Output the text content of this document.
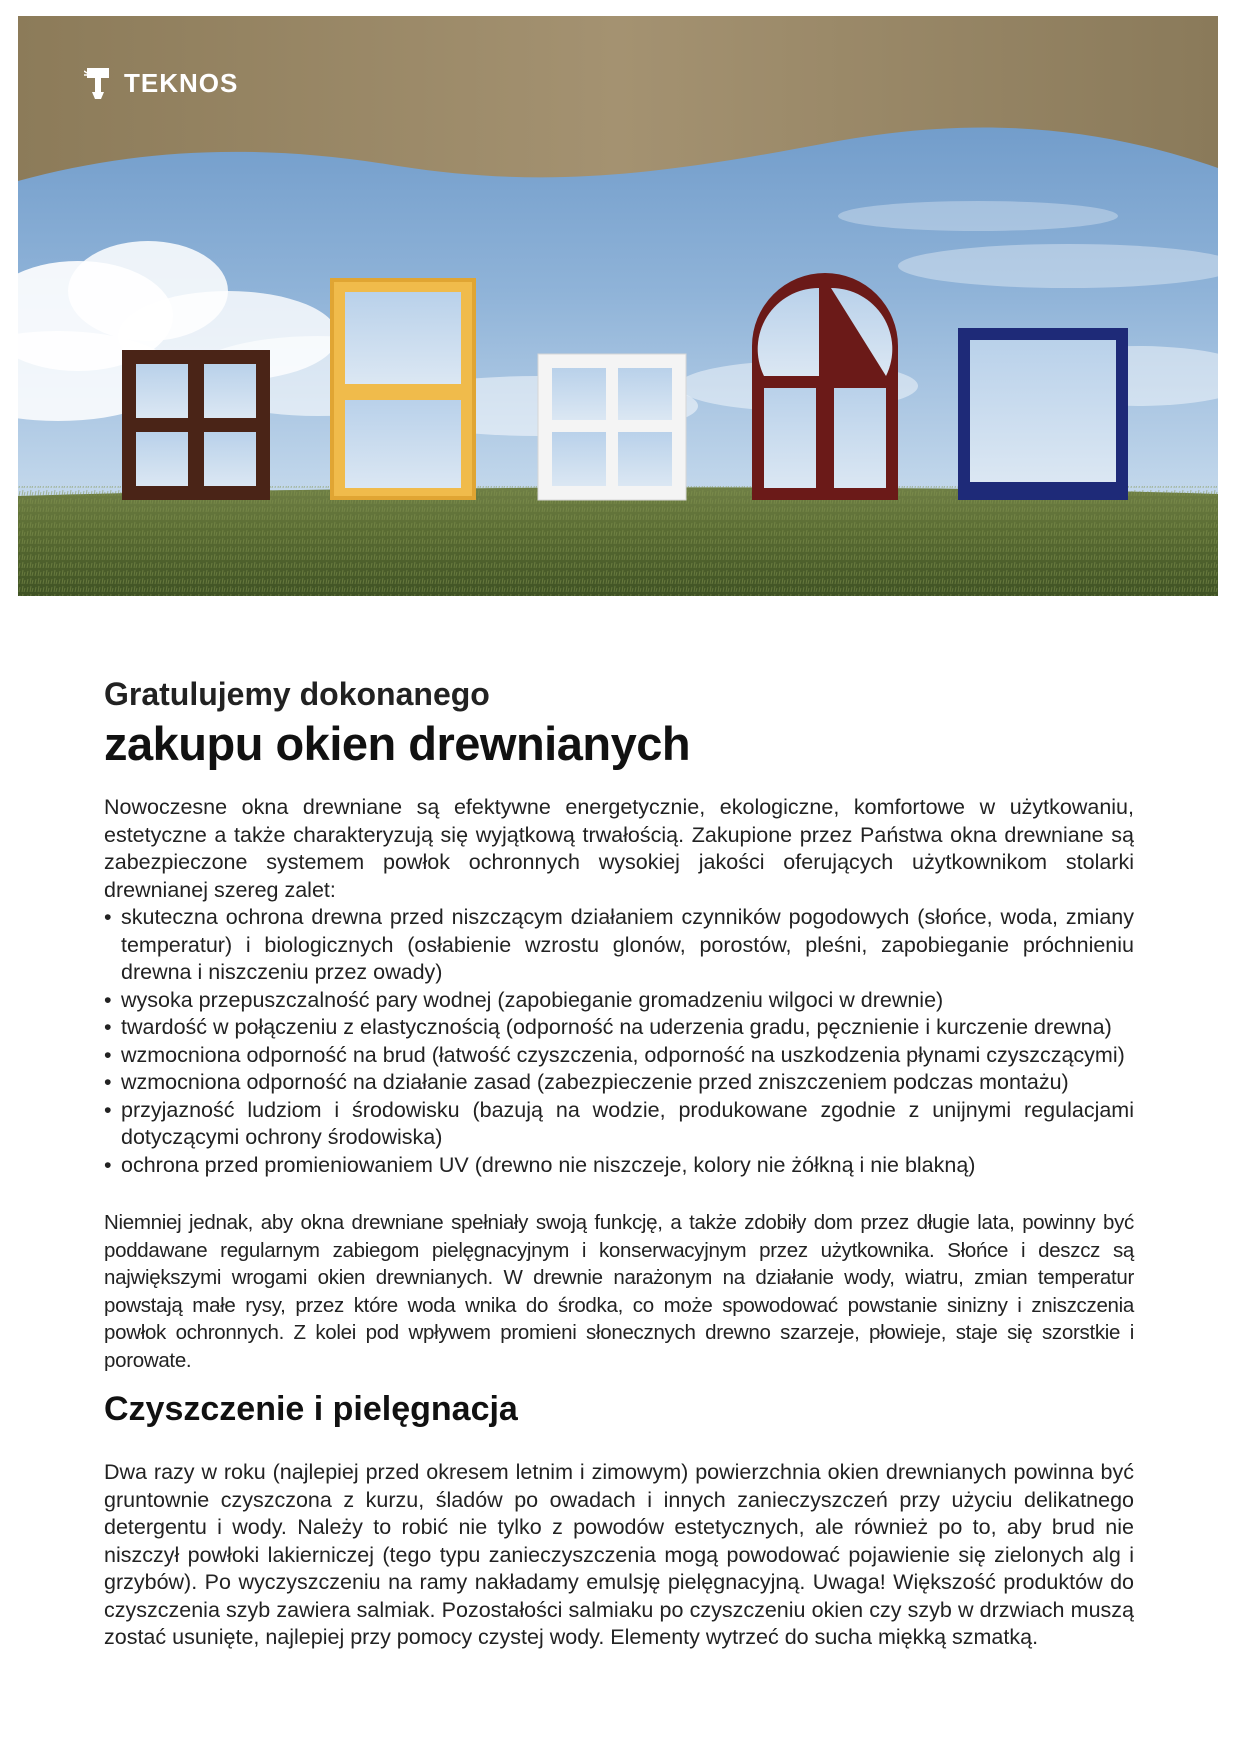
TEKNOS
Gratulujemy dokonanego
zakupu okien drewnianych
Nowoczesne okna drewniane są efektywne energetycznie, ekologiczne, komfortowe w użytkowaniu, estetyczne a także charakteryzują się wyjątkową trwałością. Zakupione przez Państwa okna drewniane są zabezpieczone systemem powłok ochronnych wysokiej jakości oferujących użytkownikom stolarki drewnianej szereg zalet:
• skuteczna ochrona drewna przed niszczącym działaniem czynników pogodowych (słońce, woda, zmiany temperatur) i biologicznych (osłabienie wzrostu glonów, porostów, pleśni, zapobieganie próchnieniu drewna i niszczeniu przez owady)
• wysoka przepuszczalność pary wodnej (zapobieganie gromadzeniu wilgoci w drewnie)
• twardość w połączeniu z elastycznością (odporność na uderzenia gradu, pęcznienie i kurczenie drewna)
• wzmocniona odporność na brud (łatwość czyszczenia, odporność na uszkodzenia płynami czyszczącymi)
• wzmocniona odporność na działanie zasad (zabezpieczenie przed zniszczeniem podczas montażu)
• przyjazność ludziom i środowisku (bazują na wodzie, produkowane zgodnie z unijnymi regulacjami dotyczącymi ochrony środowiska)
• ochrona przed promieniowaniem UV (drewno nie niszczeje, kolory nie żółkną i nie blakną)
Niemniej jednak, aby okna drewniane spełniały swoją funkcję, a także zdobiły dom przez długie lata, powinny być poddawane regularnym zabiegom pielęgnacyjnym i konserwacyjnym przez użytkownika. Słońce i deszcz są największymi wrogami okien drewnianych. W drewnie narażonym na działanie wody, wiatru, zmian temperatur powstają małe rysy, przez które woda wnika do środka, co może spowodować powstanie sinizny i zniszczenia powłok ochronnych. Z kolei pod wpływem promieni słonecznych drewno szarzeje, płowieje, staje się szorstkie i porowate.
Czyszczenie i pielęgnacja
Dwa razy w roku (najlepiej przed okresem letnim i zimowym) powierzchnia okien drewnianych powinna być gruntownie czyszczona z kurzu, śladów po owadach i innych zanieczyszczeń przy użyciu delikatnego detergentu i wody. Należy to robić nie tylko z powodów estetycznych, ale również po to, aby brud nie niszczył powłoki lakierniczej (tego typu zanieczyszczenia mogą powodować pojawienie się zielonych alg i grzybów). Po wyczyszczeniu na ramy nakładamy emulsję pielęgnacyjną. Uwaga! Większość produktów do czyszczenia szyb zawiera salmiak. Pozostałości salmiaku po czyszczeniu okien czy szyb w drzwiach muszą zostać usunięte, najlepiej przy pomocy czystej wody. Elementy wytrzeć do sucha miękką szmatką.
